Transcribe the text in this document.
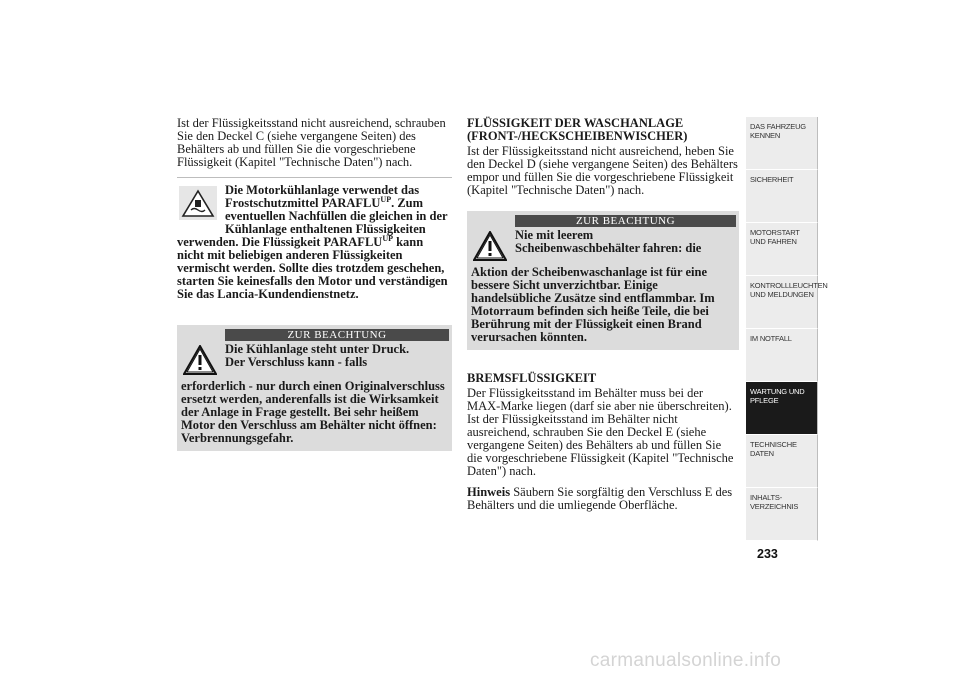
Ist der Flüssigkeitsstand nicht ausreichend, schrauben Sie den Deckel C (siehe vergangene Seiten) des Behälters ab und füllen Sie die vorgeschriebene Flüssigkeit (Kapitel "Technische Daten") nach.

Die Motorkühlanlage verwendet das
Frostschutzmittel $PARAFLU^{UP}$. Zum
eventuellen Nachfüllen die gleichen in der Kühlanlage enthaltenen Flüssigkeiten verwenden. Die Flüssigkeit $PARAFLU^{UP}$ kann nicht mit beliebigen anderen Flüssigkeiten vermischt werden. Sollte dies trotzdem geschehen, starten Sie keinesfalls den Motor und verständigen Sie das Lancia-Kundendienstnetz.
ZUR BEACHTUNG
Die Kühlanlage steht unter Druck.
Der Verschluss kann - falls
erforderlich - nur durch einen Originalverschluss ersetzt werden, anderenfalls ist die Wirksamkeit der Anlage in Frage gestellt. Bei sehr heißem Motor den Verschluss am Behälter nicht öffnen: Verbrennungsgefahr.
FLÜSSIGKEIT DER WASCHANLAGE (FRONT-/HECKSCHEIBENWISCHER)

Ist der Flüssigkeitsstand nicht ausreichend, heben Sie den Deckel D (siehe vergangene Seiten) des Behälters empor und füllen Sie die vorgeschriebene Flüssigkeit (Kapitel "Technische Daten") nach.

ZUR BEACHTUNG
Nie mit leerem
Scheibenwaschbehälter fahren: die
Aktion der Scheibenwaschanlage ist für eine bessere Sicht unverzichtbar. Einige handelsübliche Zusätze sind entflammbar. Im Motorraum befinden sich heiße Teile, die bei Berührung mit der Flüssigkeit einen Brand verursachen könnten.
BREMSFLÜSSIGKEIT

Der Flüssigkeitsstand im Behälter muss bei der MAX-Marke liegen (darf sie aber nie überschreiten). Ist der Flüssigkeitsstand im Behälter nicht ausreichend, schrauben Sie den Deckel E (siehe vergangene Seiten) des Behälters ab und füllen Sie die vorgeschriebene Flüssigkeit (Kapitel "Technische Daten") nach.

Hinweis Säubern Sie sorgfältig den Verschluss E des Behälters und die umliegende Oberfläche.

DAS FAHRZEUG KENNEN
SICHERHEIT
MOTORSTART UND FAHREN
KONTROLLLEUCHTEN UND MELDUNGEN
IM NOTFALL
WARTUNG UND PFLEGE
TECHNISCHE DATEN
INHALTS-VERZEICHNIS
233
carmanualsonline.info
